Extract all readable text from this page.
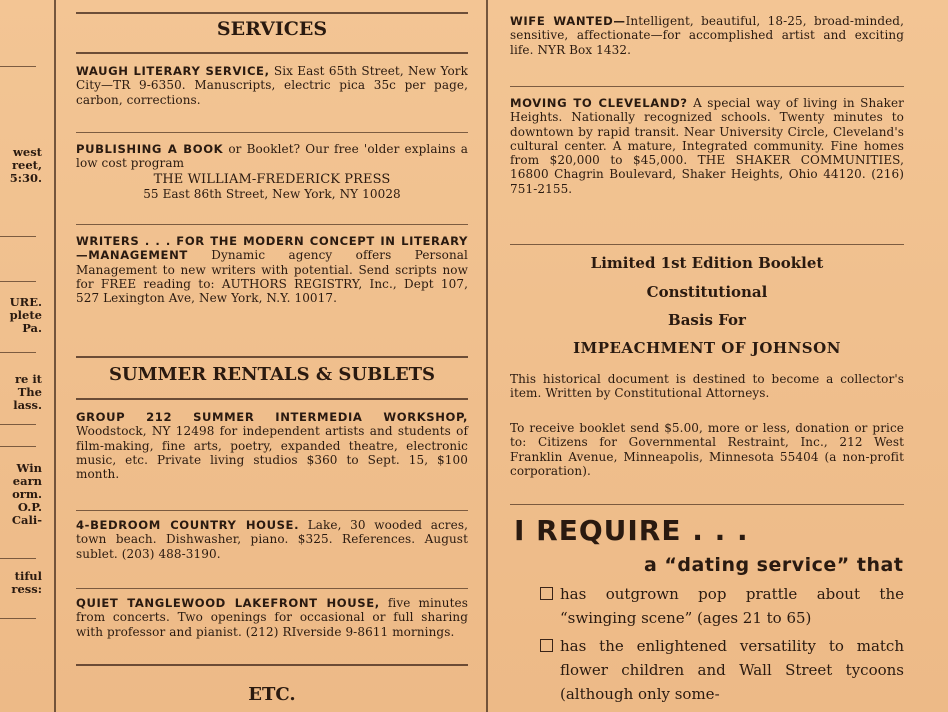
west
reet,
5:30.
URE.
plete
Pa.
re it
The
lass.
Win
earn
orm.
O.P.
Cali-
tiful
ress:
SERVICES
WAUGH LITERARY SERVICE, Six East 65th Street, New York City—TR 9-6350. Manuscripts, electric pica 35c per page, carbon, corrections.
PUBLISHING A BOOK or Booklet? Our free 'older explains a low cost program
THE WILLIAM-FREDERICK PRESS
55 East 86th Street, New York, NY 10028
WRITERS . . . FOR THE MODERN CONCEPT IN LITERARY—MANAGEMENT Dynamic agency offers Personal Management to new writers with potential. Send scripts now for FREE reading to: AUTHORS REGISTRY, Inc., Dept 107, 527 Lexington Ave, New York, N.Y. 10017.
SUMMER RENTALS & SUBLETS
GROUP 212 SUMMER INTERMEDIA WORKSHOP, Woodstock, NY 12498 for independent artists and students of film-making, fine arts, poetry, expanded theatre, electronic music, etc. Private living studios $360 to Sept. 15, $100 month.
4-BEDROOM COUNTRY HOUSE. Lake, 30 wooded acres, town beach. Dishwasher, piano. $325. References. August sublet. (203) 488-3190.
QUIET TANGLEWOOD LAKEFRONT HOUSE, five minutes from concerts. Two openings for occasional or full sharing with professor and pianist. (212) RIverside 9-8611 mornings.
ETC.
WIFE WANTED—Intelligent, beautiful, 18-25, broad-minded, sensitive, affectionate—for accomplished artist and exciting life. NYR Box 1432.
MOVING TO CLEVELAND? A special way of living in Shaker Heights. Nationally recognized schools. Twenty minutes to downtown by rapid transit. Near University Circle, Cleveland's cultural center. A mature, Integrated community. Fine homes from $20,000 to $45,000. THE SHAKER COMMUNITIES, 16800 Chagrin Boulevard, Shaker Heights, Ohio 44120. (216) 751-2155.
Limited 1st Edition Booklet
Constitutional
Basis For
IMPEACHMENT OF JOHNSON
This historical document is destined to become a collector's item. Written by Constitutional Attorneys.
To receive booklet send $5.00, more or less, donation or price to: Citizens for Governmental Restraint, Inc., 212 West Franklin Avenue, Minneapolis, Minnesota 55404 (a non-profit corporation).
I REQUIRE . . .
a “dating service” that
has outgrown pop prattle about the “swinging scene” (ages 21 to 65)
has the enlightened versatility to match flower children and Wall Street tycoons (although only some-
